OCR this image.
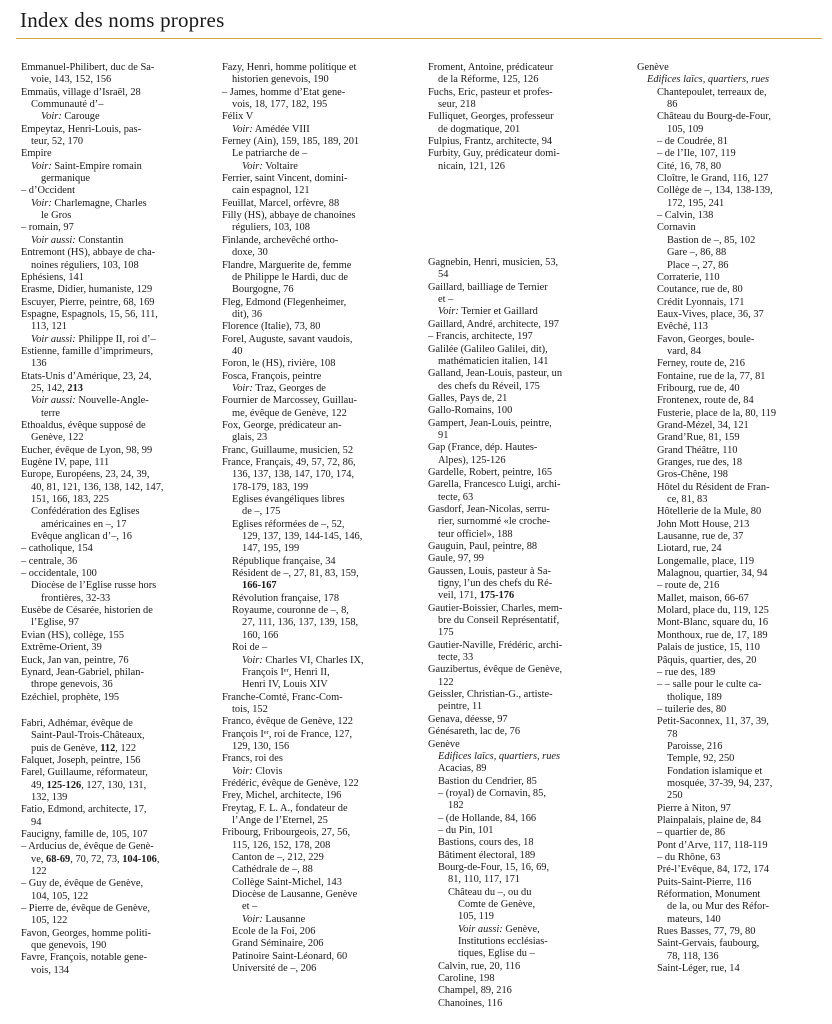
Index des noms propres
Emmanuel-Philibert, duc de Sa-
voie, 143, 152, 156
Emmaüs, village d’Israël, 28
Communauté d’–
Voir: Carouge
Empeytaz, Henri-Louis, pas-
teur, 52, 170
Empire
Voir: Saint-Empire romain
germanique
– d’Occident
Voir: Charlemagne, Charles
le Gros
– romain, 97
Voir aussi: Constantin
Entremont (HS), abbaye de cha-
noines réguliers, 103, 108
Ephésiens, 141
Erasme, Didier, humaniste, 129
Escuyer, Pierre, peintre, 68, 169
Espagne, Espagnols, 15, 56, 111,
113, 121
Voir aussi: Philippe II, roi d’–
Estienne, famille d’imprimeurs,
136
Etats-Unis d’Amérique, 23, 24,
25, 142, 213
Voir aussi: Nouvelle-Angle-
terre
Ethoaldus, évêque supposé de
Genève, 122
Eucher, évêque de Lyon, 98, 99
Eugène IV, pape, 111
Europe, Européens, 23, 24, 39,
40, 81, 121, 136, 138, 142, 147,
151, 166, 183, 225
Confédération des Eglises
américaines en –, 17
Evêque anglican d’–, 16
– catholique, 154
– centrale, 36
– occidentale, 100
Diocèse de l’Eglise russe hors
frontières, 32-33
Eusèbe de Césarée, historien de
l’Eglise, 97
Evian (HS), collège, 155
Extrême-Orient, 39
Euck, Jan van, peintre, 76
Eynard, Jean-Gabriel, philan-
thrope genevois, 36
Ezéchiel, prophète, 195
Fabri, Adhémar, évêque de
Saint-Paul-Trois-Châteaux,
puis de Genève, 112, 122
Falquet, Joseph, peintre, 156
Farel, Guillaume, réformateur,
49, 125-126, 127, 130, 131,
132, 139
Fatio, Edmond, architecte, 17,
94
Faucigny, famille de, 105, 107
– Arducius de, évêque de Genè-
ve, 68-69, 70, 72, 73, 104-106,
122
– Guy de, évêque de Genève,
104, 105, 122
– Pierre de, évêque de Genève,
105, 122
Favon, Georges, homme politi-
que genevois, 190
Favre, François, notable gene-
vois, 134
Fazy, Henri, homme politique et
historien genevois, 190
– James, homme d’Etat gene-
vois, 18, 177, 182, 195
Félix V
Voir: Amédée VIII
Ferney (Ain), 159, 185, 189, 201
Le patriarche de –
Voir: Voltaire
Ferrier, saint Vincent, domini-
cain espagnol, 121
Feuillat, Marcel, orfèvre, 88
Filly (HS), abbaye de chanoines
réguliers, 103, 108
Finlande, archevêché ortho-
doxe, 30
Flandre, Marguerite de, femme
de Philippe le Hardi, duc de
Bourgogne, 76
Fleg, Edmond (Flegenheimer,
dit), 36
Florence (Italie), 73, 80
Forel, Auguste, savant vaudois,
40
Foron, le (HS), rivière, 108
Fosca, François, peintre
Voir: Traz, Georges de
Fournier de Marcossey, Guillau-
me, évêque de Genève, 122
Fox, George, prédicateur an-
glais, 23
Franc, Guillaume, musicien, 52
France, Français, 49, 57, 72, 86,
136, 137, 138, 147, 170, 174,
178-179, 183, 199
Eglises évangéliques libres
de –, 175
Eglises réformées de –, 52,
129, 137, 139, 144-145, 146,
147, 195, 199
République française, 34
Résident de –, 27, 81, 83, 159,
166-167
Révolution française, 178
Royaume, couronne de –, 8,
27, 111, 136, 137, 139, 158,
160, 166
Roi de –
Voir: Charles VI, Charles IX,
François Iᵉʳ, Henri II,
Henri IV, Louis XIV
Franche-Comté, Franc-Com-
tois, 152
Franco, évêque de Genève, 122
François Iᵉʳ, roi de France, 127,
129, 130, 156
Francs, roi des
Voir: Clovis
Frédéric, évêque de Genève, 122
Frey, Michel, architecte, 196
Freytag, F. L. A., fondateur de
l’Ange de l’Eternel, 25
Fribourg, Fribourgeois, 27, 56,
115, 126, 152, 178, 208
Canton de –, 212, 229
Cathédrale de –, 88
Collège Saint-Michel, 143
Diocèse de Lausanne, Genève
et –
Voir: Lausanne
Ecole de la Foi, 206
Grand Séminaire, 206
Patinoire Saint-Léonard, 60
Université de –, 206
Froment, Antoine, prédicateur
de la Réforme, 125, 126
Fuchs, Eric, pasteur et profes-
seur, 218
Fulliquet, Georges, professeur
de dogmatique, 201
Fulpius, Frantz, architecte, 94
Furbity, Guy, prédicateur domi-
nicain, 121, 126
Gagnebin, Henri, musicien, 53,
54
Gaillard, bailliage de Ternier
et –
Voir: Ternier et Gaillard
Gaillard, André, architecte, 197
– Francis, architecte, 197
Galilée (Galileo Galilei, dit),
mathématicien italien, 141
Galland, Jean-Louis, pasteur, un
des chefs du Réveil, 175
Galles, Pays de, 21
Gallo-Romains, 100
Gampert, Jean-Louis, peintre,
91
Gap (France, dép. Hautes-
Alpes), 125-126
Gardelle, Robert, peintre, 165
Garella, Francesco Luigi, archi-
tecte, 63
Gasdorf, Jean-Nicolas, serru-
rier, surnommé «le croche-
teur officiel», 188
Gauguin, Paul, peintre, 88
Gaule, 97, 99
Gaussen, Louis, pasteur à Sa-
tigny, l’un des chefs du Ré-
veil, 171, 175-176
Gautier-Boissier, Charles, mem-
bre du Conseil Représentatif,
175
Gautier-Naville, Frédéric, archi-
tecte, 33
Gauzibertus, évêque de Genève,
122
Geissler, Christian-G., artiste-
peintre, 11
Genava, déesse, 97
Génésareth, lac de, 76
Genève
Edifices laïcs, quartiers, rues
Acacias, 89
Bastion du Cendrier, 85
– (royal) de Cornavin, 85,
182
– (de Hollande, 84, 166
– du Pin, 101
Bastions, cours des, 18
Bâtiment électoral, 189
Bourg-de-Four, 15, 16, 69,
81, 110, 117, 171
Château du –, ou du
Comte de Genève,
105, 119
Voir aussi: Genève,
Institutions ecclésias-
tiques, Eglise du –
Calvin, rue, 20, 116
Caroline, 198
Champel, 89, 216
Chanoines, 116
Genève
Edifices laïcs, quartiers, rues
Chantepoulet, terreaux de,
86
Château du Bourg-de-Four,
105, 109
– de Coudrée, 81
– de l’Ile, 107, 119
Cité, 16, 78, 80
Cloître, le Grand, 116, 127
Collège de –, 134, 138-139,
172, 195, 241
– Calvin, 138
Cornavin
Bastion de –, 85, 102
Gare –, 86, 88
Place –, 27, 86
Corraterie, 110
Coutance, rue de, 80
Crédit Lyonnais, 171
Eaux-Vives, place, 36, 37
Evêché, 113
Favon, Georges, boule-
vard, 84
Ferney, route de, 216
Fontaine, rue de la, 77, 81
Fribourg, rue de, 40
Frontenex, route de, 84
Fusterie, place de la, 80, 119
Grand-Mézel, 34, 121
Grand’Rue, 81, 159
Grand Théâtre, 110
Granges, rue des, 18
Gros-Chêne, 198
Hôtel du Résident de Fran-
ce, 81, 83
Hôtellerie de la Mule, 80
John Mott House, 213
Lausanne, rue de, 37
Liotard, rue, 24
Longemalle, place, 119
Malagnou, quartier, 34, 94
– route de, 216
Mallet, maison, 66-67
Molard, place du, 119, 125
Mont-Blanc, square du, 16
Monthoux, rue de, 17, 189
Palais de justice, 15, 110
Pâquis, quartier, des, 20
– rue des, 189
– – salle pour le culte ca-
tholique, 189
– tuilerie des, 80
Petit-Saconnex, 11, 37, 39,
78
Paroisse, 216
Temple, 92, 250
Fondation islamique et
mosquée, 37-39, 94, 237,
250
Pierre à Niton, 97
Plainpalais, plaine de, 84
– quartier de, 86
Pont d’Arve, 117, 118-119
– du Rhône, 63
Pré-l’Evêque, 84, 172, 174
Puits-Saint-Pierre, 116
Réformation, Monument
de la, ou Mur des Réfor-
mateurs, 140
Rues Basses, 77, 79, 80
Saint-Gervais, faubourg,
78, 118, 136
Saint-Léger, rue, 14
